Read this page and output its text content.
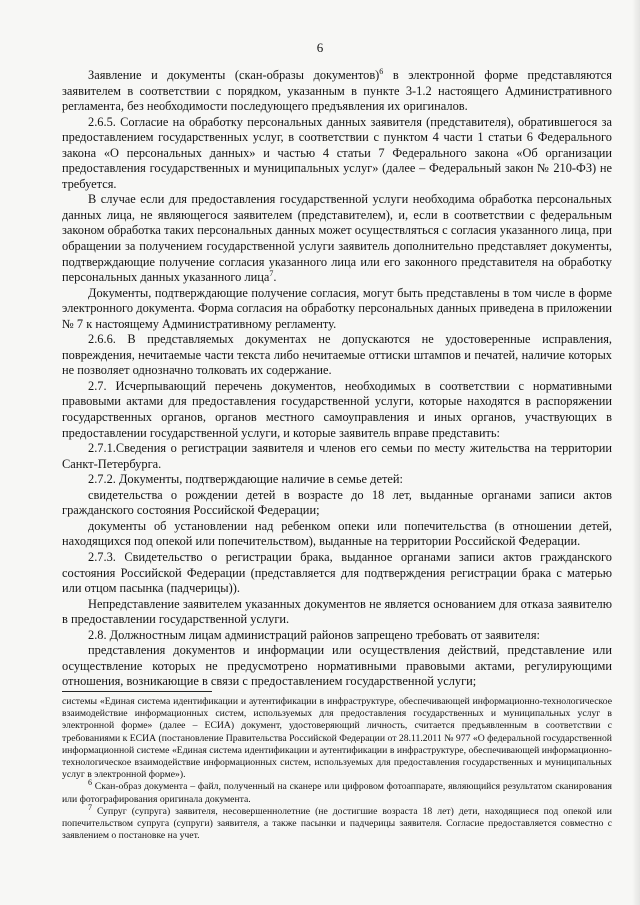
6

Заявление и документы (скан-образы документов)$^6$ в электронной форме представляются заявителем в соответствии с порядком, указанным в пункте 3-1.2 настоящего Административного регламента, без необходимости последующего предъявления их оригиналов.

2.6.5. Согласие на обработку персональных данных заявителя (представителя), обратившегося за предоставлением государственных услуг, в соответствии с пунктом 4 части 1 статьи 6 Федерального закона «О персональных данных» и частью 4 статьи 7 Федерального закона «Об организации предоставления государственных и муниципальных услуг» (далее – Федеральный закон № 210-ФЗ) не требуется.

В случае если для предоставления государственной услуги необходима обработка персональных данных лица, не являющегося заявителем (представителем), и, если в соответствии с федеральным законом обработка таких персональных данных может осуществляться с согласия указанного лица, при обращении за получением государственной услуги заявитель дополнительно представляет документы, подтверждающие получение согласия указанного лица или его законного представителя на обработку персональных данных указанного лица$^7$.

Документы, подтверждающие получение согласия, могут быть представлены в том числе в форме электронного документа. Форма согласия на обработку персональных данных приведена в приложении № 7 к настоящему Административному регламенту.

2.6.6. В представляемых документах не допускаются не удостоверенные исправления, повреждения, нечитаемые части текста либо нечитаемые оттиски штампов и печатей, наличие которых не позволяет однозначно толковать их содержание.

2.7. Исчерпывающий перечень документов, необходимых в соответствии с нормативными правовыми актами для предоставления государственной услуги, которые находятся в распоряжении государственных органов, органов местного самоуправления и иных органов, участвующих в предоставлении государственной услуги, и которые заявитель вправе представить:

2.7.1.Сведения о регистрации заявителя и членов его семьи по месту жительства на территории Санкт-Петербурга.

2.7.2. Документы, подтверждающие наличие в семье детей:

свидетельства о рождении детей в возрасте до 18 лет, выданные органами записи актов гражданского состояния Российской Федерации;

документы об установлении над ребенком опеки или попечительства (в отношении детей, находящихся под опекой или попечительством), выданные на территории Российской Федерации.

2.7.3. Свидетельство о регистрации брака, выданное органами записи актов гражданского состояния Российской Федерации (представляется для подтверждения регистрации брака с матерью или отцом пасынка (падчерицы)).

Непредставление заявителем указанных документов не является основанием для отказа заявителю в предоставлении государственной услуги.

2.8. Должностным лицам администраций районов запрещено требовать от заявителя:

представления документов и информации или осуществления действий, представление или осуществление которых не предусмотрено нормативными правовыми актами, регулирующими отношения, возникающие в связи с предоставлением государственной услуги;

системы «Единая система идентификации и аутентификации в инфраструктуре, обеспечивающей информационно-технологическое взаимодействие информационных систем, используемых для предоставления государственных и муниципальных услуг в электронной форме» (далее – ЕСИА) документ, удостоверяющий личность, считается предъявленным в соответствии с требованиями к ЕСИА (постановление Правительства Российской Федерации от 28.11.2011 № 977 «О федеральной государственной информационной системе «Единая система идентификации и аутентификации в инфраструктуре, обеспечивающей информационно-технологическое взаимодействие информационных систем, используемых для предоставления государственных и муниципальных услуг в электронной форме»).

$^6$ Скан-образ документа – файл, полученный на сканере или цифровом фотоаппарате, являющийся результатом сканирования или фотографирования оригинала документа.

$^7$ Супруг (супруга) заявителя, несовершеннолетние (не достигшие возраста 18 лет) дети, находящиеся под опекой или попечительством супруга (супруги) заявителя, а также пасынки и падчерицы заявителя. Согласие предоставляется совместно с заявлением о постановке на учет.
